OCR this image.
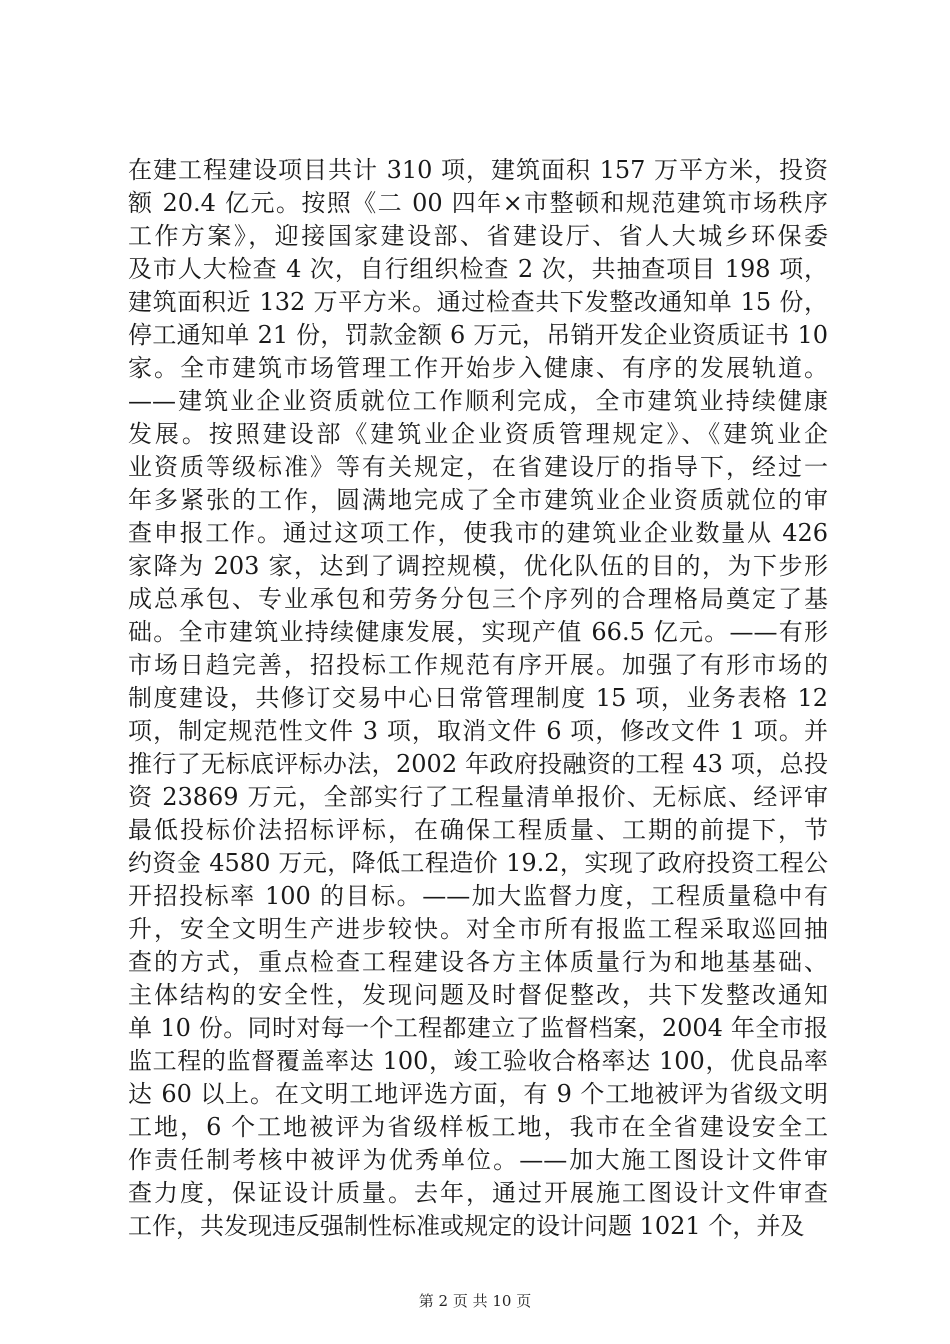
在建工程建设项目共计 310 项，建筑面积 157 万平方米，投资
额 20.4 亿元。按照《二 00 四年×市整顿和规范建筑市场秩序
工作方案》，迎接国家建设部、省建设厅、省人大城乡环保委
及市人大检查 4 次，自行组织检查 2 次，共抽查项目 198 项，
建筑面积近 132 万平方米。通过检查共下发整改通知单 15 份，
停工通知单 21 份，罚款金额 6 万元，吊销开发企业资质证书 10
家。全市建筑市场管理工作开始步入健康、有序的发展轨道。
——建筑业企业资质就位工作顺利完成，全市建筑业持续健康
发展。按照建设部《建筑业企业资质管理规定》、《建筑业企
业资质等级标准》等有关规定，在省建设厅的指导下，经过一
年多紧张的工作，圆满地完成了全市建筑业企业资质就位的审
查申报工作。通过这项工作，使我市的建筑业企业数量从 426
家降为 203 家，达到了调控规模，优化队伍的目的，为下步形
成总承包、专业承包和劳务分包三个序列的合理格局奠定了基
础。全市建筑业持续健康发展，实现产值 66.5 亿元。——有形
市场日趋完善，招投标工作规范有序开展。加强了有形市场的
制度建设，共修订交易中心日常管理制度 15 项，业务表格 12
项，制定规范性文件 3 项，取消文件 6 项，修改文件 1 项。并
推行了无标底评标办法，2002 年政府投融资的工程 43 项，总投
资 23869 万元，全部实行了工程量清单报价、无标底、经评审
最低投标价法招标评标，在确保工程质量、工期的前提下，节
约资金 4580 万元，降低工程造价 19.2，实现了政府投资工程公
开招投标率 100 的目标。——加大监督力度，工程质量稳中有
升，安全文明生产进步较快。对全市所有报监工程采取巡回抽
查的方式，重点检查工程建设各方主体质量行为和地基基础、
主体结构的安全性，发现问题及时督促整改，共下发整改通知
单 10 份。同时对每一个工程都建立了监督档案，2004 年全市报
监工程的监督覆盖率达 100，竣工验收合格率达 100，优良品率
达 60 以上。在文明工地评选方面，有 9 个工地被评为省级文明
工地，6 个工地被评为省级样板工地，我市在全省建设安全工
作责任制考核中被评为优秀单位。——加大施工图设计文件审
查力度，保证设计质量。去年，通过开展施工图设计文件审查
工作，共发现违反强制性标准或规定的设计问题 1021 个，并及
第 2 页 共 10 页
